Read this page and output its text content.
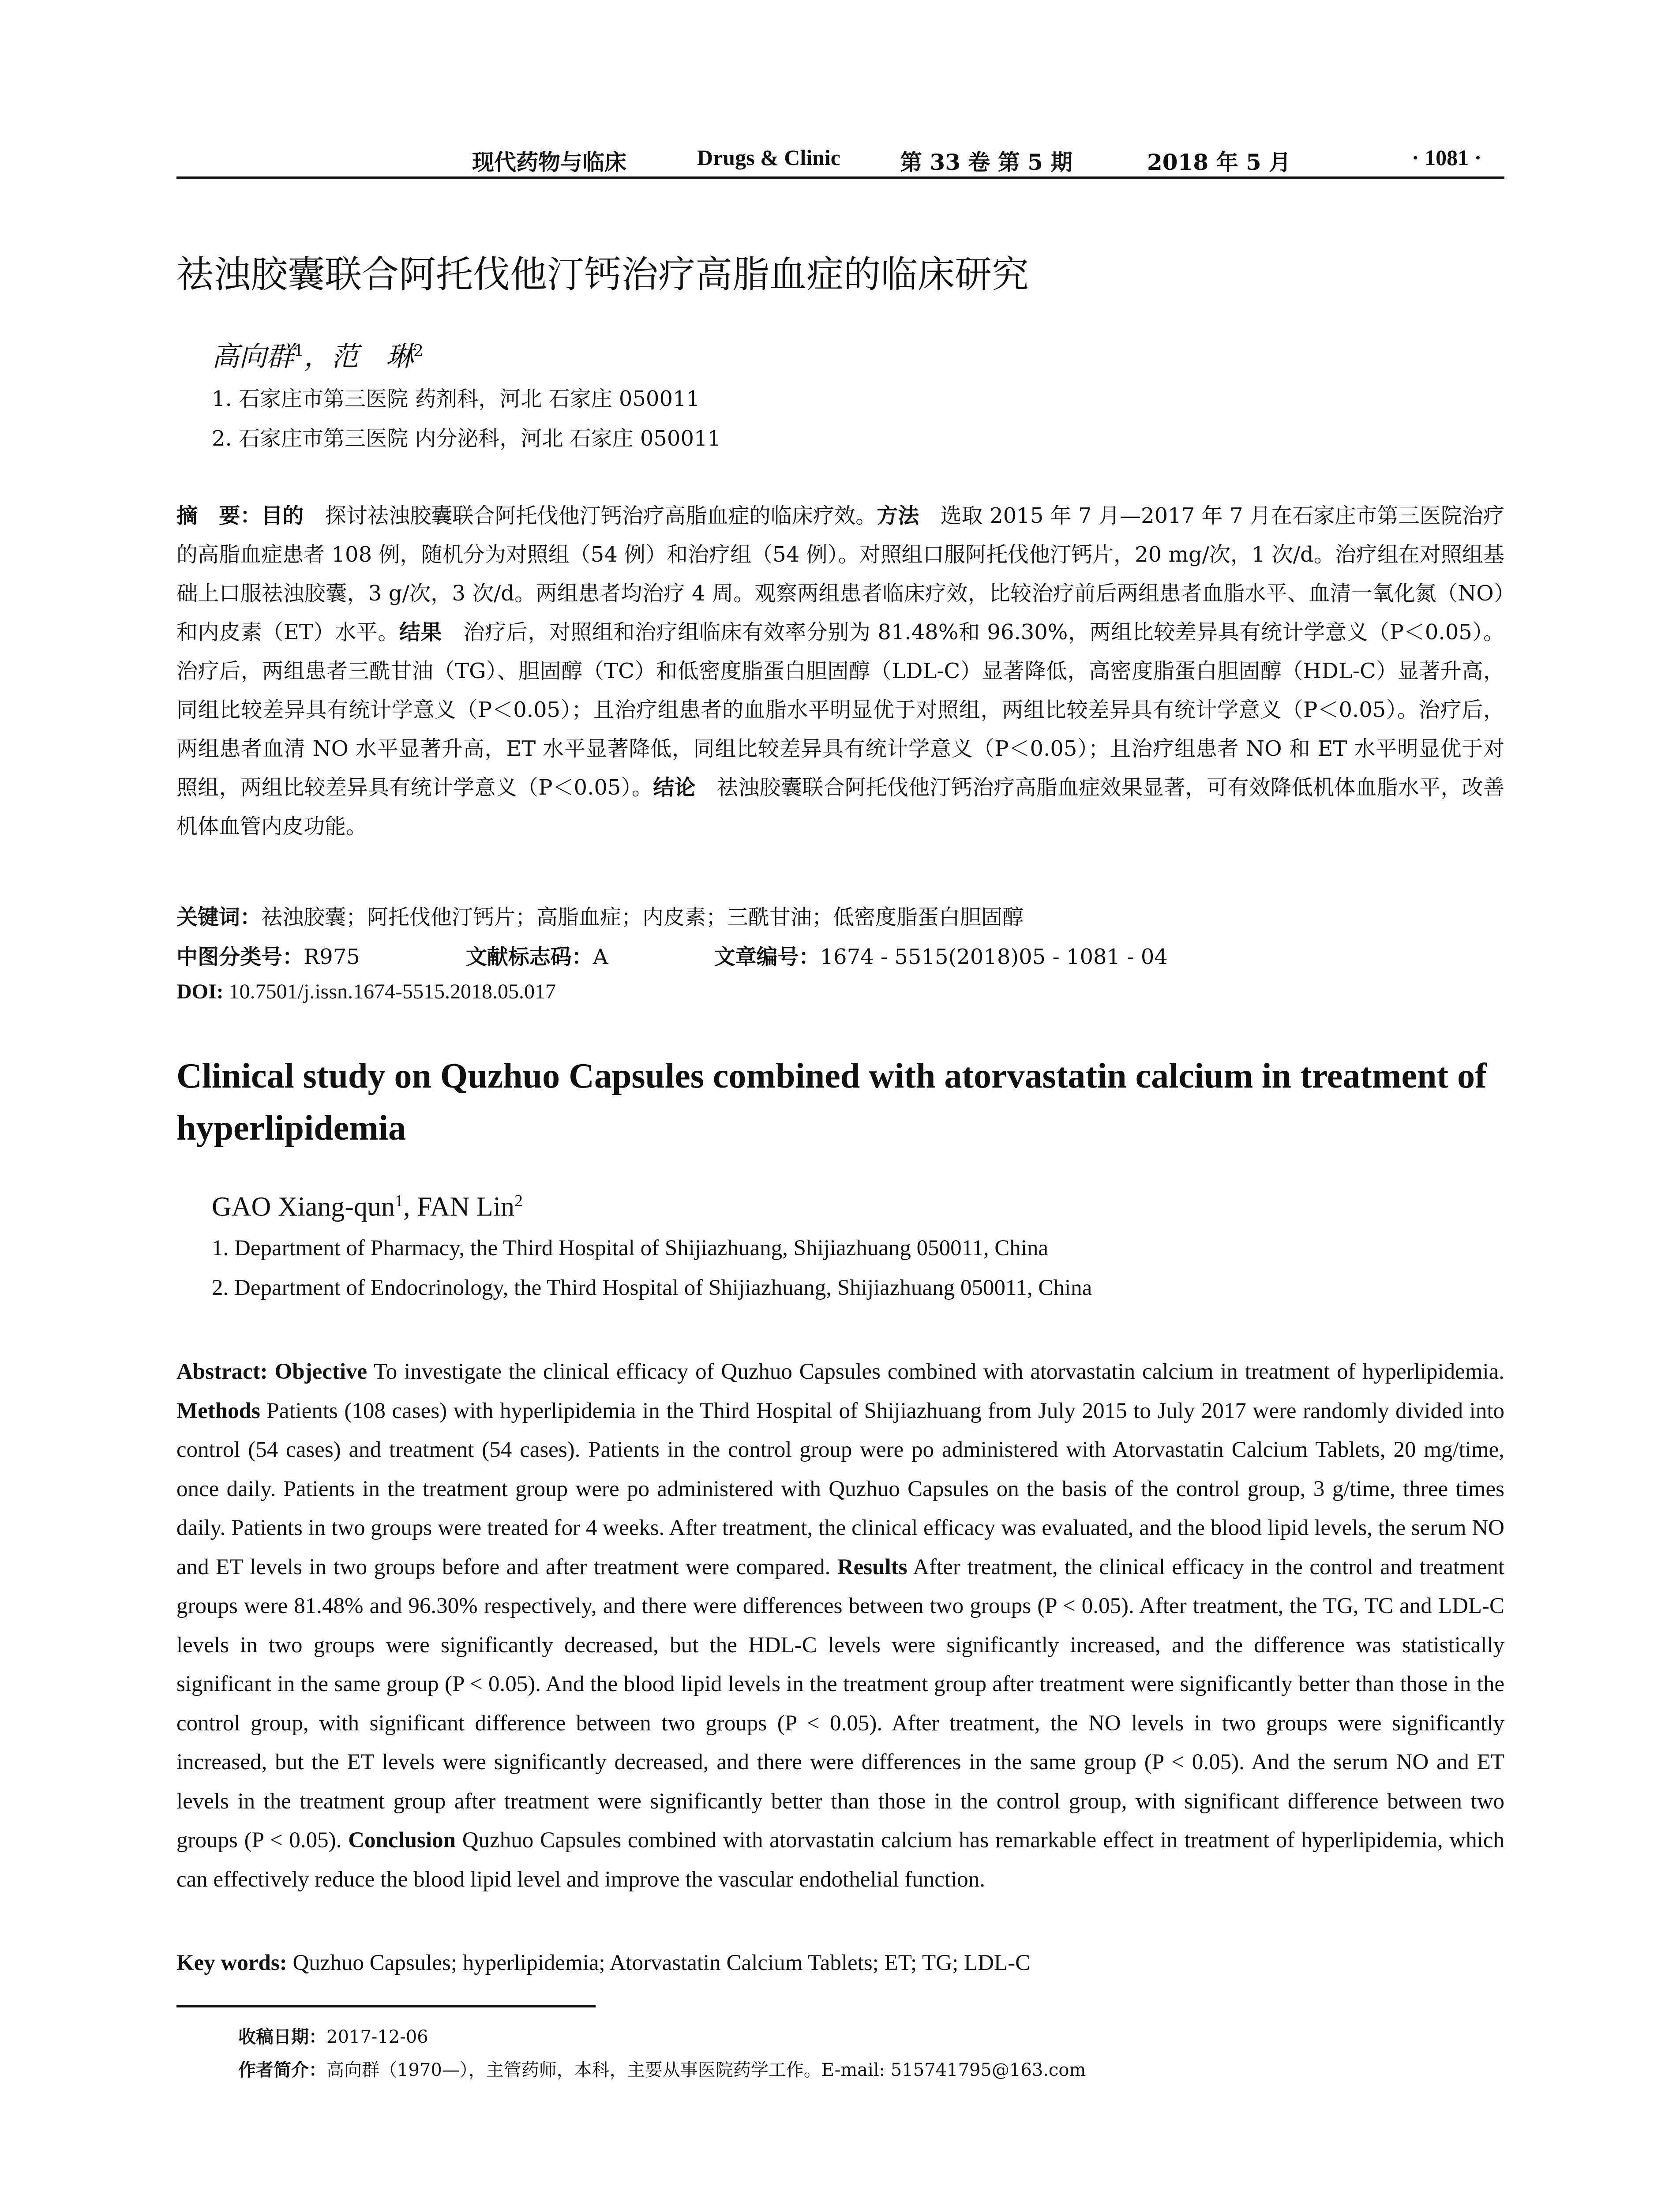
现代药物与临床	Drugs & Clinic	第 33 卷 第 5 期	2018 年 5 月	· 1081 ·
祛浊胶囊联合阿托伐他汀钙治疗高脂血症的临床研究
高向群$^1$，范　琳$^2$
1. 石家庄市第三医院 药剂科，河北 石家庄 050011
2. 石家庄市第三医院 内分泌科，河北 石家庄 050011
摘　要：目的　探讨祛浊胶囊联合阿托伐他汀钙治疗高脂血症的临床疗效。方法　选取 2015 年 7 月—2017 年 7 月在石家庄市第三医院治疗的高脂血症患者 108 例，随机分为对照组（54 例）和治疗组（54 例）。对照组口服阿托伐他汀钙片，20 mg/次，1 次/d。治疗组在对照组基础上口服祛浊胶囊，3 g/次，3 次/d。两组患者均治疗 4 周。观察两组患者临床疗效，比较治疗前后两组患者血脂水平、血清一氧化氮（NO）和内皮素（ET）水平。结果　治疗后，对照组和治疗组临床有效率分别为 81.48%和 96.30%，两组比较差异具有统计学意义（P＜0.05）。治疗后，两组患者三酰甘油（TG）、胆固醇（TC）和低密度脂蛋白胆固醇（LDL-C）显著降低，高密度脂蛋白胆固醇（HDL-C）显著升高，同组比较差异具有统计学意义（P＜0.05）；且治疗组患者的血脂水平明显优于对照组，两组比较差异具有统计学意义（P＜0.05）。治疗后，两组患者血清 NO 水平显著升高，ET 水平显著降低，同组比较差异具有统计学意义（P＜0.05）；且治疗组患者 NO 和 ET 水平明显优于对照组，两组比较差异具有统计学意义（P＜0.05）。结论　祛浊胶囊联合阿托伐他汀钙治疗高脂血症效果显著，可有效降低机体血脂水平，改善机体血管内皮功能。
关键词：祛浊胶囊；阿托伐他汀钙片；高脂血症；内皮素；三酰甘油；低密度脂蛋白胆固醇
中图分类号：R975	文献标志码：A	文章编号：1674 - 5515(2018)05 - 1081 - 04
DOI: 10.7501/j.issn.1674-5515.2018.05.017
Clinical study on Quzhuo Capsules combined with atorvastatin calcium in treatment of hyperlipidemia
GAO Xiang-qun$^1$, FAN Lin$^2$
1. Department of Pharmacy, the Third Hospital of Shijiazhuang, Shijiazhuang 050011, China
2. Department of Endocrinology, the Third Hospital of Shijiazhuang, Shijiazhuang 050011, China
Abstract: Objective To investigate the clinical efficacy of Quzhuo Capsules combined with atorvastatin calcium in treatment of hyperlipidemia. Methods Patients (108 cases) with hyperlipidemia in the Third Hospital of Shijiazhuang from July 2015 to July 2017 were randomly divided into control (54 cases) and treatment (54 cases). Patients in the control group were po administered with Atorvastatin Calcium Tablets, 20 mg/time, once daily. Patients in the treatment group were po administered with Quzhuo Capsules on the basis of the control group, 3 g/time, three times daily. Patients in two groups were treated for 4 weeks. After treatment, the clinical efficacy was evaluated, and the blood lipid levels, the serum NO and ET levels in two groups before and after treatment were compared. Results After treatment, the clinical efficacy in the control and treatment groups were 81.48% and 96.30% respectively, and there were differences between two groups (P < 0.05). After treatment, the TG, TC and LDL-C levels in two groups were significantly decreased, but the HDL-C levels were significantly increased, and the difference was statistically significant in the same group (P < 0.05). And the blood lipid levels in the treatment group after treatment were significantly better than those in the control group, with significant difference between two groups (P < 0.05). After treatment, the NO levels in two groups were significantly increased, but the ET levels were significantly decreased, and there were differences in the same group (P < 0.05). And the serum NO and ET levels in the treatment group after treatment were significantly better than those in the control group, with significant difference between two groups (P < 0.05). Conclusion Quzhuo Capsules combined with atorvastatin calcium has remarkable effect in treatment of hyperlipidemia, which can effectively reduce the blood lipid level and improve the vascular endothelial function.
Key words: Quzhuo Capsules; hyperlipidemia; Atorvastatin Calcium Tablets; ET; TG; LDL-C
收稿日期：2017-12-06
作者简介：高向群（1970—），主管药师，本科，主要从事医院药学工作。E-mail: 515741795@163.com
